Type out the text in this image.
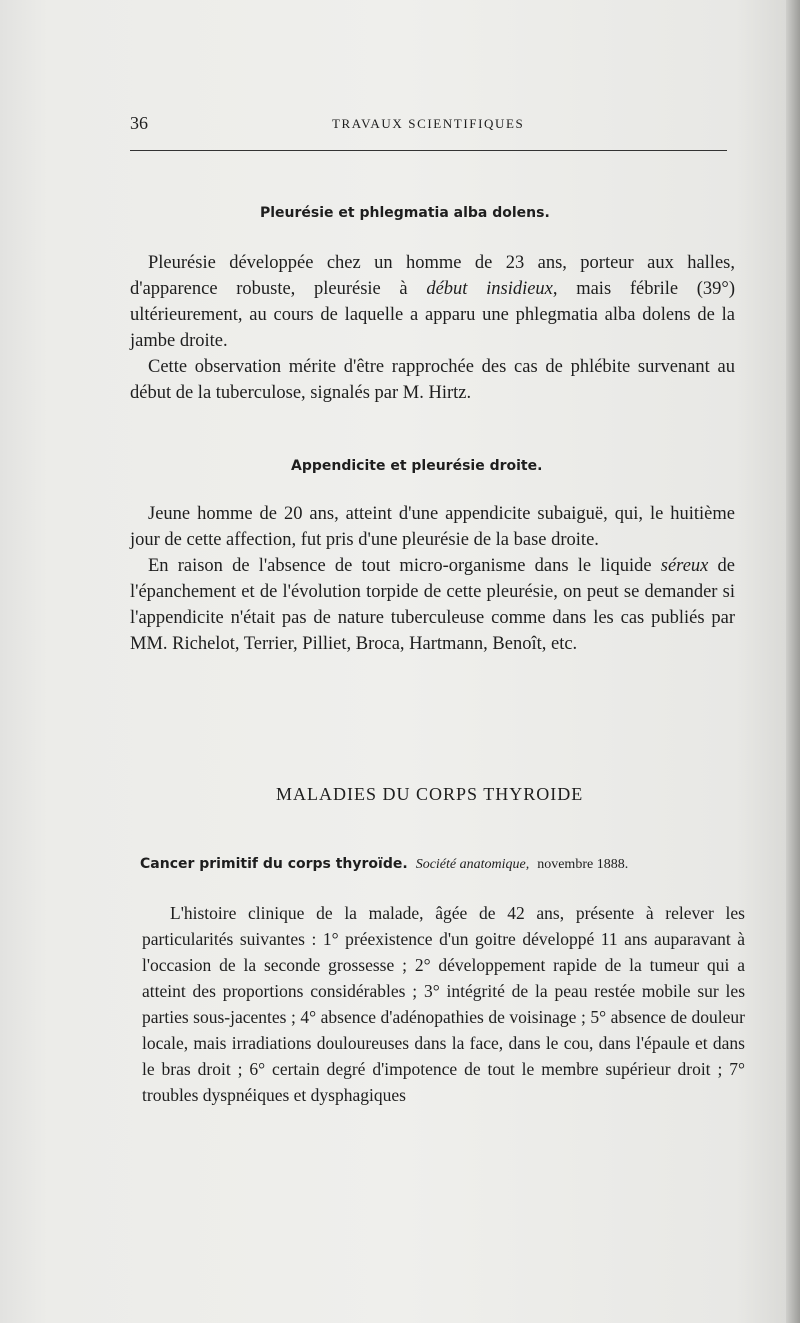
36	TRAVAUX SCIENTIFIQUES
Pleurésie et phlegmatia alba dolens.

Pleurésie développée chez un homme de 23 ans, porteur aux halles, d'apparence robuste, pleurésie à début insidieux, mais fébrile (39°) ultérieurement, au cours de laquelle a apparu une phlegmatia alba dolens de la jambe droite.

Cette observation mérite d'être rapprochée des cas de phlébite survenant au début de la tuberculose, signalés par M. Hirtz.

Appendicite et pleurésie droite.

Jeune homme de 20 ans, atteint d'une appendicite subaiguë, qui, le huitième jour de cette affection, fut pris d'une pleurésie de la base droite.

En raison de l'absence de tout micro-organisme dans le liquide séreux de l'épanchement et de l'évolution torpide de cette pleurésie, on peut se demander si l'appendicite n'était pas de nature tuberculeuse comme dans les cas publiés par MM. Richelot, Terrier, Pilliet, Broca, Hartmann, Benoît, etc.

MALADIES DU CORPS THYROIDE
Cancer primitif du corps thyroïde. Société anatomique, novembre 1888.

L'histoire clinique de la malade, âgée de 42 ans, présente à relever les particularités suivantes : 1° préexistence d'un goitre développé 11 ans auparavant à l'occasion de la seconde grossesse ; 2° développement rapide de la tumeur qui a atteint des proportions considérables ; 3° intégrité de la peau restée mobile sur les parties sous-jacentes ; 4° absence d'adénopathies de voisinage ; 5° absence de douleur locale, mais irradiations douloureuses dans la face, dans le cou, dans l'épaule et dans le bras droit ; 6° certain degré d'impotence de tout le membre supérieur droit ; 7° troubles dyspnéiques et dysphagiques
